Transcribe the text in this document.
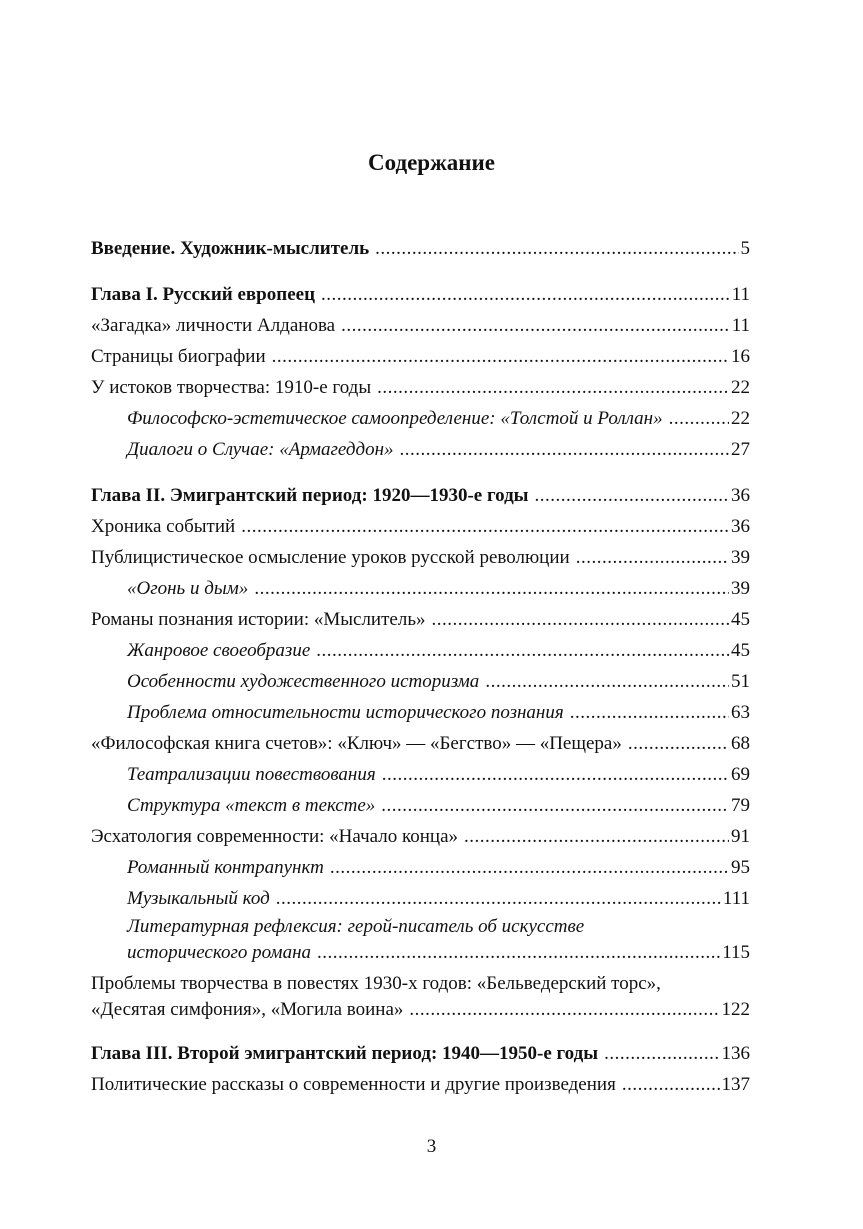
Содержание
Введение. Художник-мыслитель .....	5
Глава I. Русский европеец .....	11
«Загадка» личности Алданова .....	11
Страницы биографии .....	16
У истоков творчества: 1910-е годы .....	22
Философско-эстетическое самоопределение: «Толстой и Роллан» .....	22
Диалоги о Случае: «Армагеддон» .....	27
Глава II. Эмигрантский период: 1920—1930-е годы .....	36
Хроника событий .....	36
Публицистическое осмысление уроков русской революции .....	39
«Огонь и дым» .....	39
Романы познания истории: «Мыслитель» .....	45
Жанровое своеобразие .....	45
Особенности художественного историзма .....	51
Проблема относительности исторического познания .....	63
«Философская книга счетов»: «Ключ» — «Бегство» — «Пещера» .....	68
Театрализации повествования .....	69
Структура «текст в тексте» .....	79
Эсхатология современности: «Начало конца» .....	91
Романный контрапункт .....	95
Музыкальный код .....	111
Литературная рефлексия: герой-писатель об искусстве
исторического романа .....	115
Проблемы творчества в повестях 1930-х годов: «Бельведерский торс»,
«Десятая симфония», «Могила воина» .....	122
Глава III. Второй эмигрантский период: 1940—1950-е годы .....	136
Политические рассказы о современности и другие произведения .....	137
3
